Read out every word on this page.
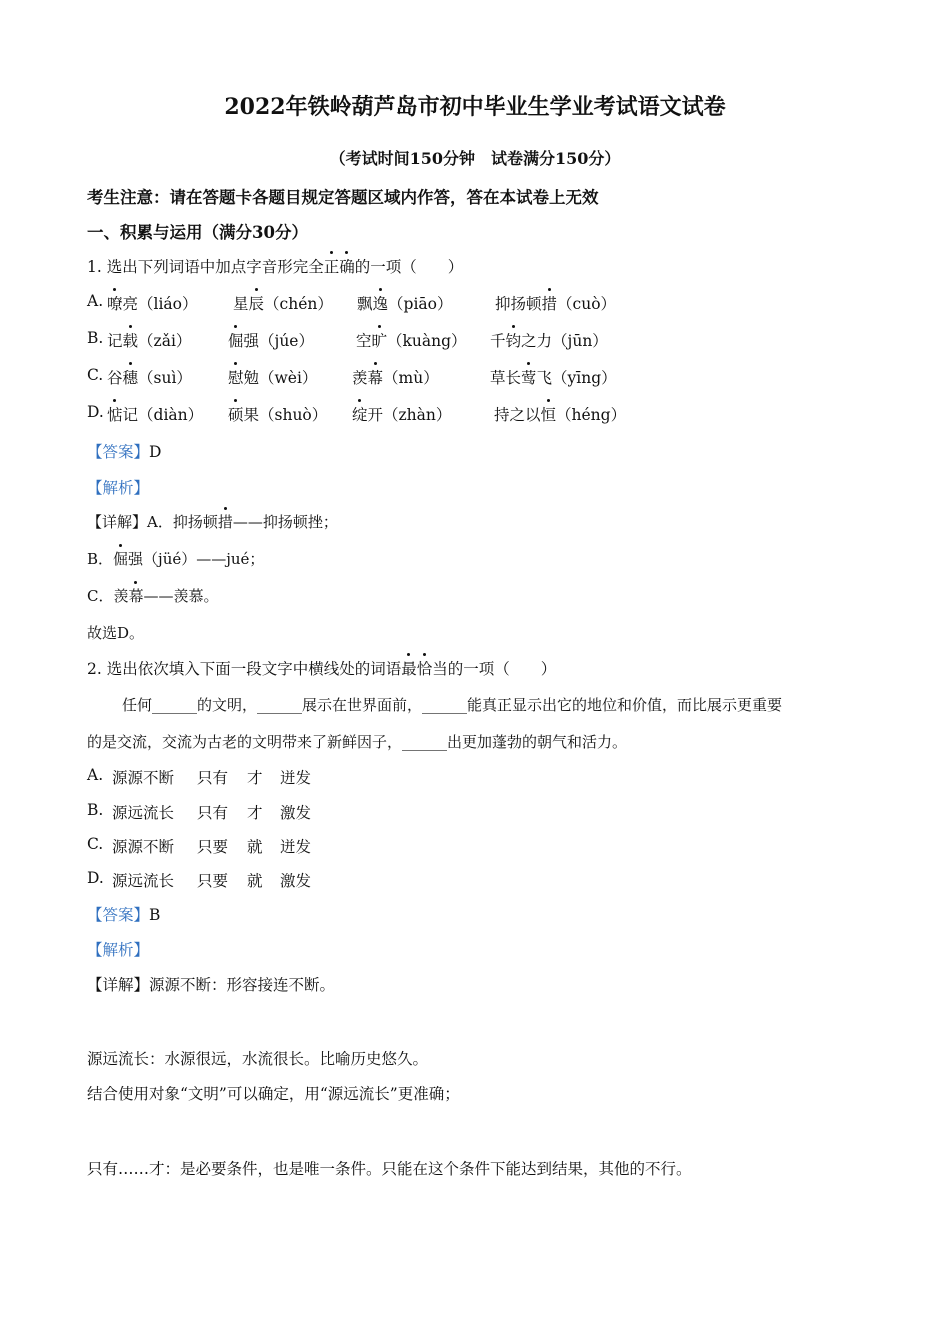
2022年铁岭葫芦岛市初中毕业生学业考试语文试卷
（考试时间150分钟　试卷满分150分）
考生注意：请在答题卡各题目规定答题区域内作答，答在本试卷上无效
一、积累与运用（满分30分）
1. 选出下列词语中加点字音形完全正确的一项（　　）
A. 嘹亮（liáo） 星辰（chén） 飘逸（piāo）	抑扬顿措（cuò）
B. 记载（zǎi） 倔强（júe）	空旷（kuàng） 千钧之力（jūn）
C. 谷穗（suì） 慰勉（wèi） 羡幕（mù）	草长莺飞（yīng）
D. 惦记（diàn） 硕果（shuò） 绽开（zhàn）	持之以恒（héng）
【答案】D
【解析】
【详解】A．抑扬顿措——抑扬顿挫；
B．倔强（jüé）——jué；
C．羡幕——羡慕。
故选D。
2. 选出依次填入下面一段文字中横线处的词语最恰当的一项（　　）
任何______的文明，______展示在世界面前，______能真正显示出它的地位和价值，而比展示更重要
的是交流，交流为古老的文明带来了新鲜因子，______出更加蓬勃的朝气和活力。
A. 源源不断 只有 才 迸发
B. 源远流长 只有 才 激发
C. 源源不断 只要 就 迸发
D. 源远流长 只要 就 激发
【答案】B
【解析】
【详解】源源不断：形容接连不断。
源远流长：水源很远，水流很长。比喻历史悠久。
结合使用对象“文明”可以确定，用“源远流长”更准确；
只有……才：是必要条件，也是唯一条件。只能在这个条件下能达到结果，其他的不行。
